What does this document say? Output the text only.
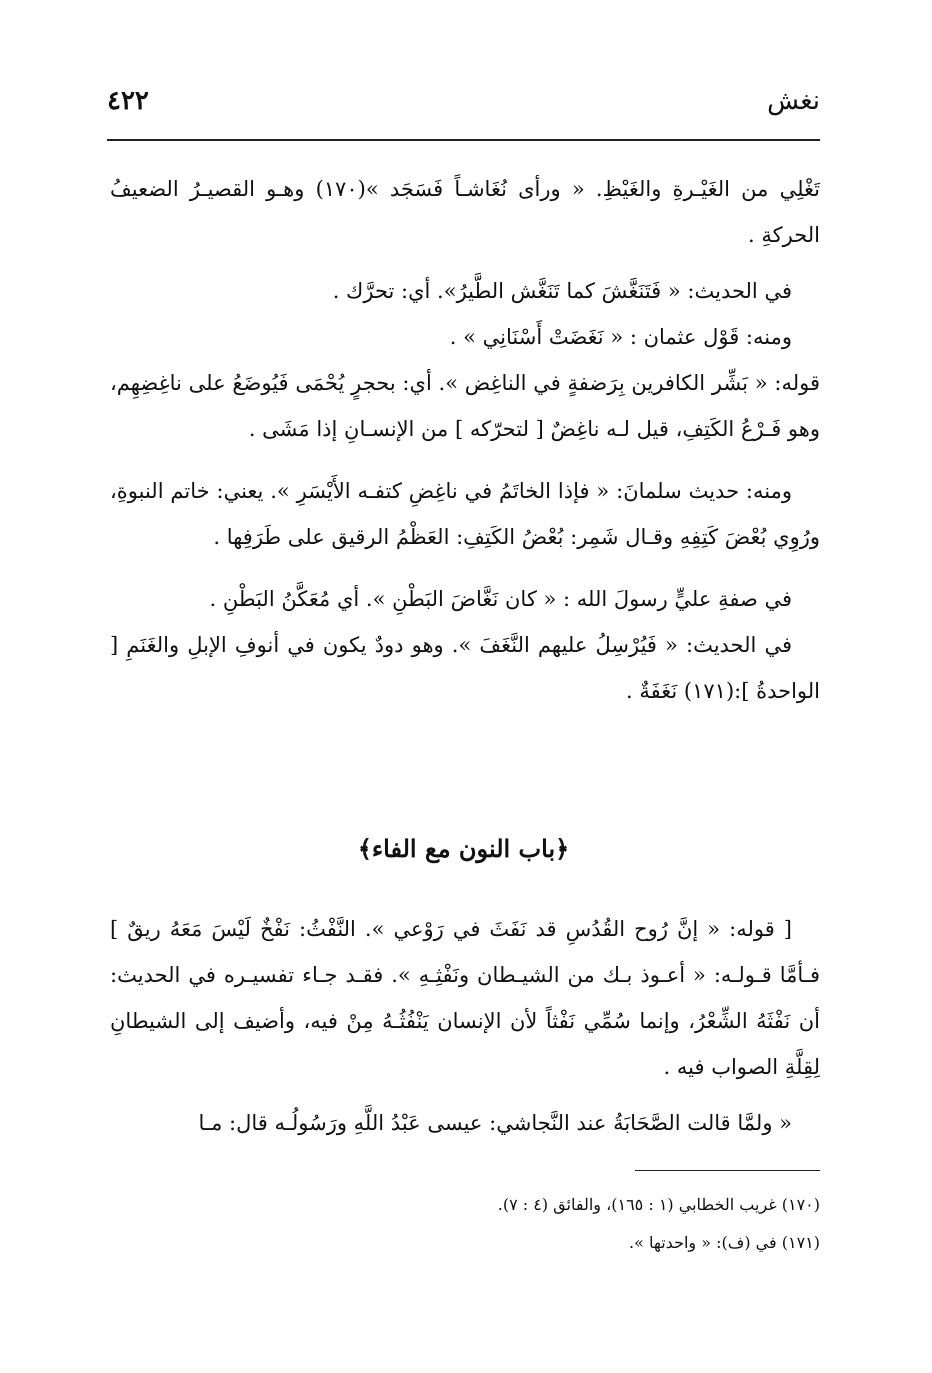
نغش
٤٢٢

تَغْلِي من الغَيْـرةِ والغَيْظِ. « ورأى نُغَاشـاً فَسَجَد »(١٧٠) وهـو القصيـرُ الضعيفُ الحركةِ .

في الحديث: « فَتَنَغَّشَ كما تَنَغَّش الطَّيرُ». أي: تحرَّك .

ومنه: قَوْل عثمان : « نَغَضَتْ أَسْنَانِي » .

قوله: « بَشِّر الكافرين بِرَضفةٍ في الناغِض ». أي: بحجرٍ يُحْمَى فَيُوضَعُ على ناغِضِهِم، وهو فَـرْعُ الكَتِفِ، قيل لـه ناغِضٌ [ لتحرّكه ] من الإنسـانِ إذا مَشَى .

ومنه: حديث سلمانَ: « فإذا الخاتَمُ في ناغِضِ كتفـه الأَيْسَرِ ». يعني: خاتم النبوةِ، ورُوِي بُعْضَ كَتِفِهِ وقـال شَمِر: بُعْضُ الكَتِفِ: العَظْمُ الرقيق على طَرَفِها .

في صفةِ عليٍّ رسولَ الله : « كان نَغَّاضَ البَطْنِ ». أي مُعَكَّنُ البَطْنِ .

في الحديث: « فَيُرْسِلُ عليهم النَّغَفَ ». وهو دودٌ يكون في أنوفِ الإبلِ والغَنَمِ [ الواحدةُ ]:(١٧١) نَغَفَةٌ .

﴿باب النون مع الفاء﴾

[ قوله: « إنَّ رُوح القُدُسِ قد نَفَثَ في رَوْعي ». النَّفْثُ: نَفْخٌ لَيْسَ مَعَهُ ريقٌ ] فـأمَّا قـولـه: « أعـوذ بـك من الشيـطان ونَفْثِـهِ ». فقـد جـاء تفسيـره في الحديث: أن نَفْثَهُ الشِّعْرُ، وإنما سُمِّي نَفْثاً لأن الإنسان يَنْفُثُـهُ مِنْ فيه، وأضيف إلى الشيطانِ لِقِلَّةِ الصواب فيه .

« ولمَّا قالت الصَّحَابَةُ عند النَّجاشي: عيسى عَبْدُ اللَّهِ ورَسُولُـه قال: مـا

(١٧٠) غريب الخطابي (١ : ١٦٥)، والفائق (٤ : ٧).

(١٧١) في (ف): « واحدتها ».
